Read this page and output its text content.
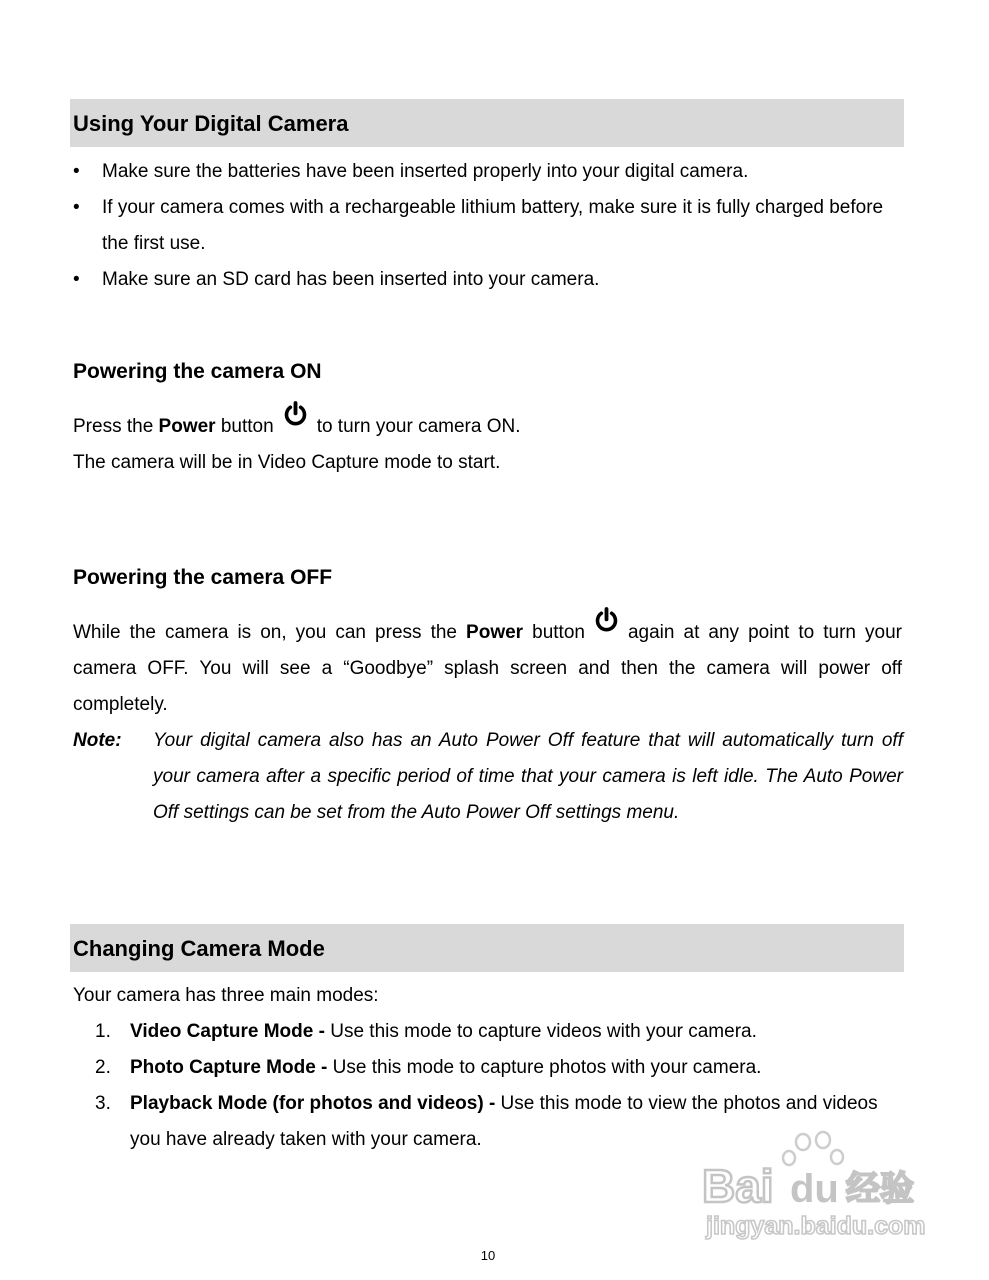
Using Your Digital Camera
• Make sure the batteries have been inserted properly into your digital camera.
• If your camera comes with a rechargeable lithium battery, make sure it is fully charged before the first use.
• Make sure an SD card has been inserted into your camera.
Powering the camera ON

Press the Power button to turn your camera ON.

The camera will be in Video Capture mode to start.

Powering the camera OFF

While the camera is on, you can press the Power button again at any point to turn your camera OFF. You will see a “Goodbye” splash screen and then the camera will power off completely.

Note: Your digital camera also has an Auto Power Off feature that will automatically turn off your camera after a specific period of time that your camera is left idle. The Auto Power Off settings can be set from the Auto Power Off settings menu.
Changing Camera Mode

Your camera has three main modes:

1. Video Capture Mode - Use this mode to capture videos with your camera.
2. Photo Capture Mode - Use this mode to capture photos with your camera.
3. Playback Mode (for photos and videos) - Use this mode to view the photos and videos you have already taken with your camera.
Bai du 经验
jingyan.baidu.com
10
